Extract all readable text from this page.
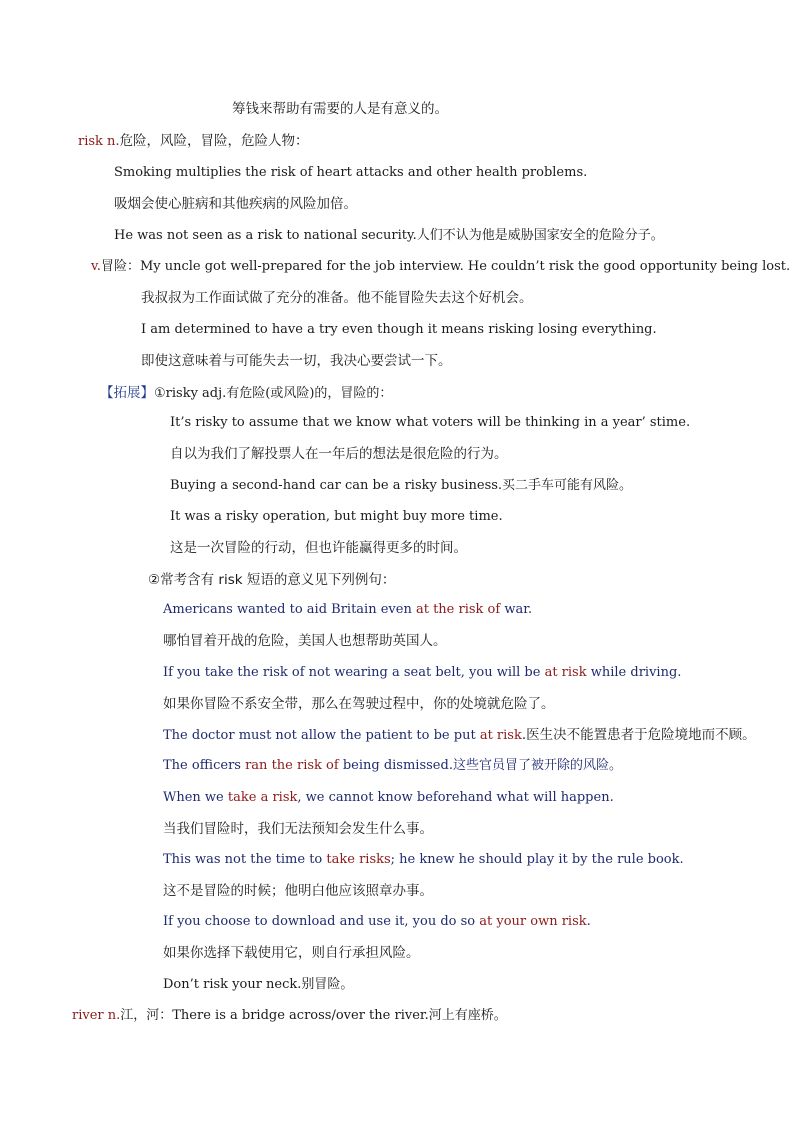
筹钱来帮助有需要的人是有意义的。
risk n.危险，风险，冒险，危险人物：
Smoking multiplies the risk of heart attacks and other health problems.
吸烟会使心脏病和其他疾病的风险加倍。
He was not seen as a risk to national security.人们不认为他是威胁国家安全的危险分子。
v.冒险：My uncle got well-prepared for the job interview. He couldn’t risk the good opportunity being lost.
我叔叔为工作面试做了充分的准备。他不能冒险失去这个好机会。
I am determined to have a try even though it means risking losing everything.
即使这意味着与可能失去一切，我决心要尝试一下。
【拓展】①risky adj.有危险(或风险)的，冒险的：
It’s risky to assume that we know what voters will be thinking in a year’ stime.
自以为我们了解投票人在一年后的想法是很危险的行为。
Buying a second-hand car can be a risky business.买二手车可能有风险。
It was a risky operation, but might buy more time.
这是一次冒险的行动，但也许能赢得更多的时间。
②常考含有 risk 短语的意义见下列例句：
Americans wanted to aid Britain even at the risk of war.
哪怕冒着开战的危险，美国人也想帮助英国人。
If you take the risk of not wearing a seat belt, you will be at risk while driving.
如果你冒险不系安全带，那么在驾驶过程中，你的处境就危险了。
The doctor must not allow the patient to be put at risk.医生决不能置患者于危险境地而不顾。
The officers ran the risk of being dismissed.这些官员冒了被开除的风险。
When we take a risk, we cannot know beforehand what will happen.
当我们冒险时，我们无法预知会发生什么事。
This was not the time to take risks; he knew he should play it by the rule book.
这不是冒险的时候；他明白他应该照章办事。
If you choose to download and use it, you do so at your own risk.
如果你选择下载使用它，则自行承担风险。
Don’t risk your neck.别冒险。
river n.江，河：There is a bridge across/over the river.河上有座桥。
